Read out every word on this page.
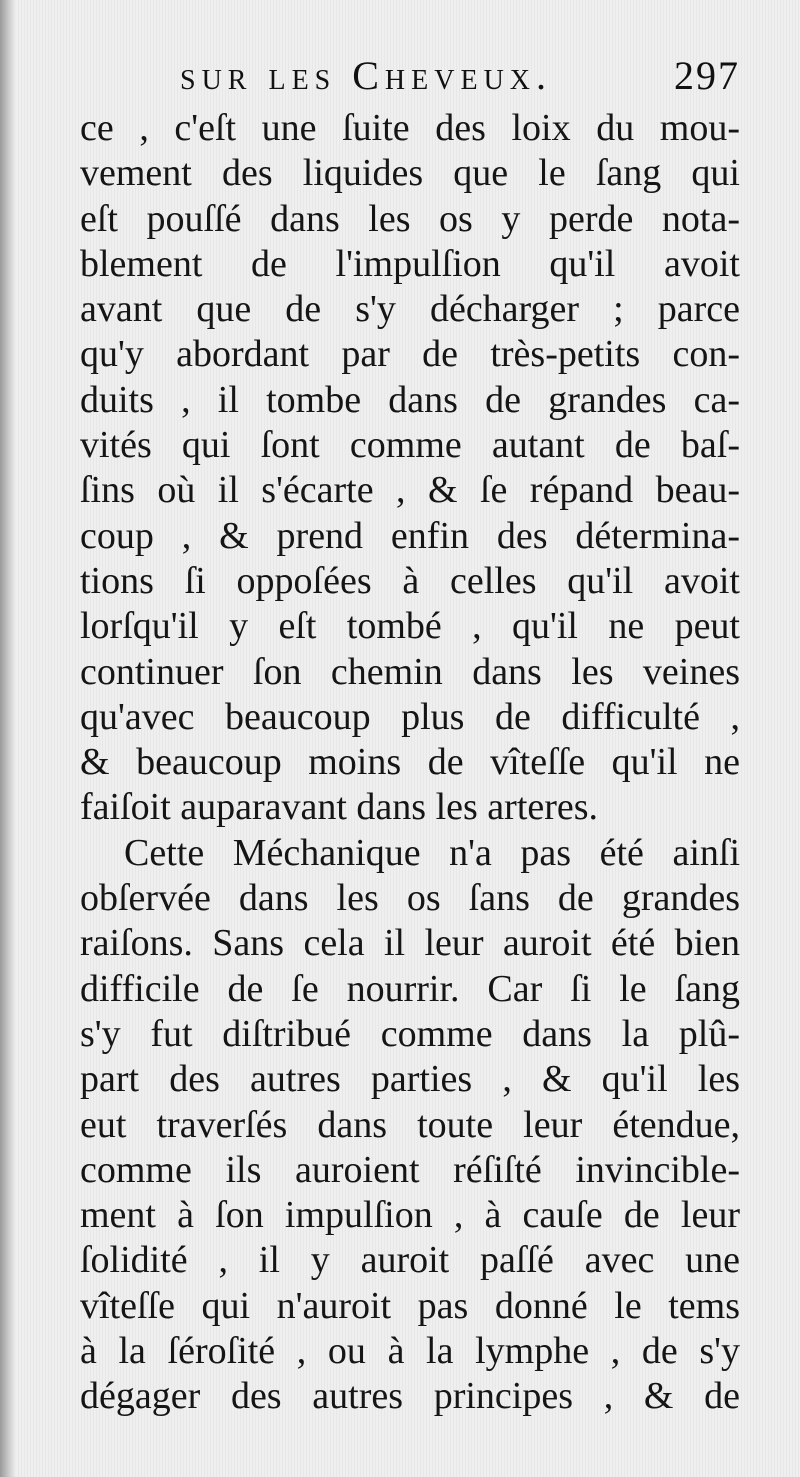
sur les Cheveux.	297
ce , c'eſt une ſuite des loix du mou-
vement des liquides que le ſang qui
eſt pouſſé dans les os y perde nota-
blement de l'impulſion qu'il avoit
avant que de s'y décharger ; parce
qu'y abordant par de très-petits con-
duits , il tombe dans de grandes ca-
vités qui ſont comme autant de baſ-
ſins où il s'écarte , & ſe répand beau-
coup , & prend enfin des détermina-
tions ſi oppoſées à celles qu'il avoit
lorſqu'il y eſt tombé , qu'il ne peut
continuer ſon chemin dans les veines
qu'avec beaucoup plus de difficulté ,
& beaucoup moins de vîteſſe qu'il ne
faiſoit auparavant dans les arteres.
Cette Méchanique n'a pas été ainſi
obſervée dans les os ſans de grandes
raiſons. Sans cela il leur auroit été bien
difficile de ſe nourrir. Car ſi le ſang
s'y fut diſtribué comme dans la plû-
part des autres parties , & qu'il les
eut traverſés dans toute leur étendue,
comme ils auroient réſiſté invincible-
ment à ſon impulſion , à cauſe de leur
ſolidité , il y auroit paſſé avec une
vîteſſe qui n'auroit pas donné le tems
à la ſéroſité , ou à la lymphe , de s'y
dégager des autres principes , & de
